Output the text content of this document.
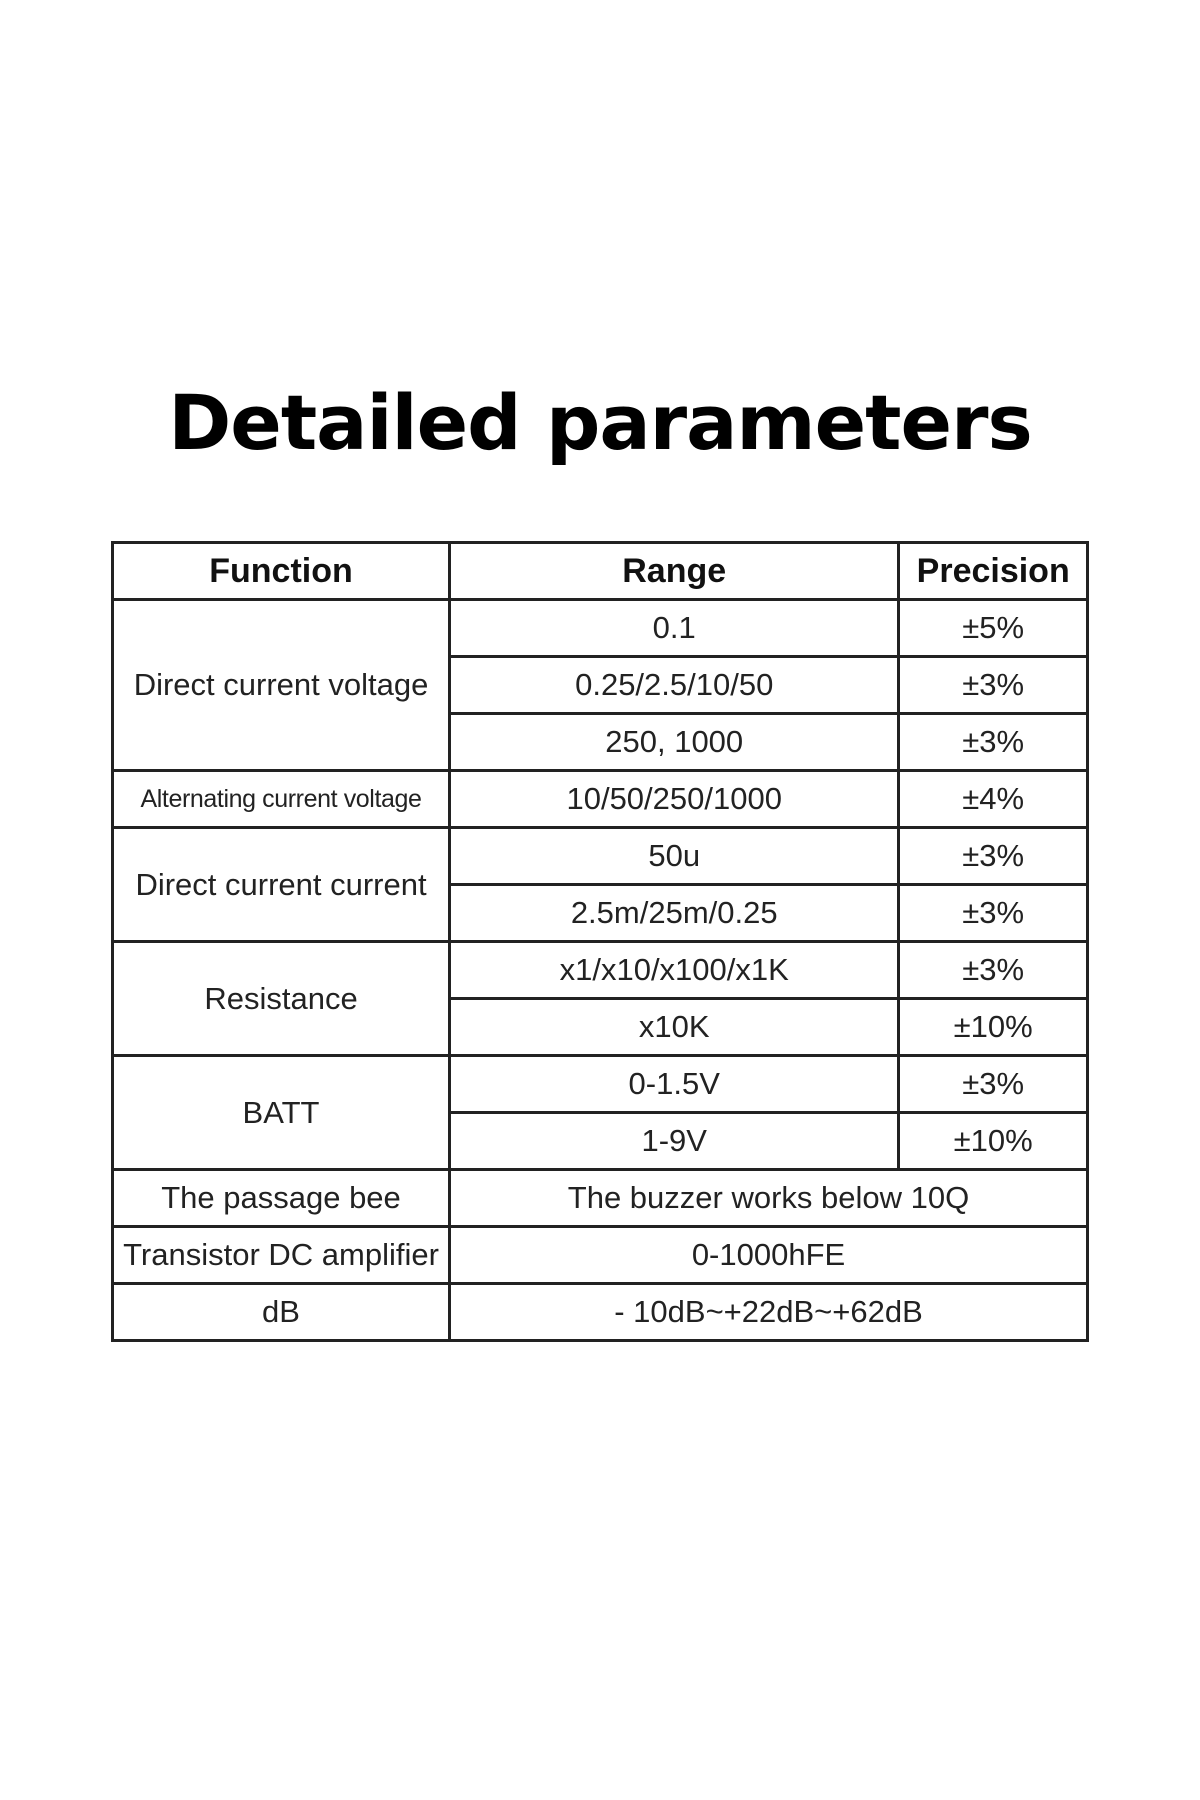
Detailed parameters
Function	Range	Precision
Direct current voltage	0.1	±5%
	0.25/2.5/10/50	±3%
	250, 1000	±3%
Alternating current voltage	10/50/250/1000	±4%
Direct current current	50u	±3%
	2.5m/25m/0.25	±3%
Resistance	x1/x10/x100/x1K	±3%
	x10K	±10%
BATT	0-1.5V	±3%
	1-9V	±10%
The passage bee	The buzzer works below 10Q	
Transistor DC amplifier	0-1000hFE	
dB	- 10dB~+22dB~+62dB	
